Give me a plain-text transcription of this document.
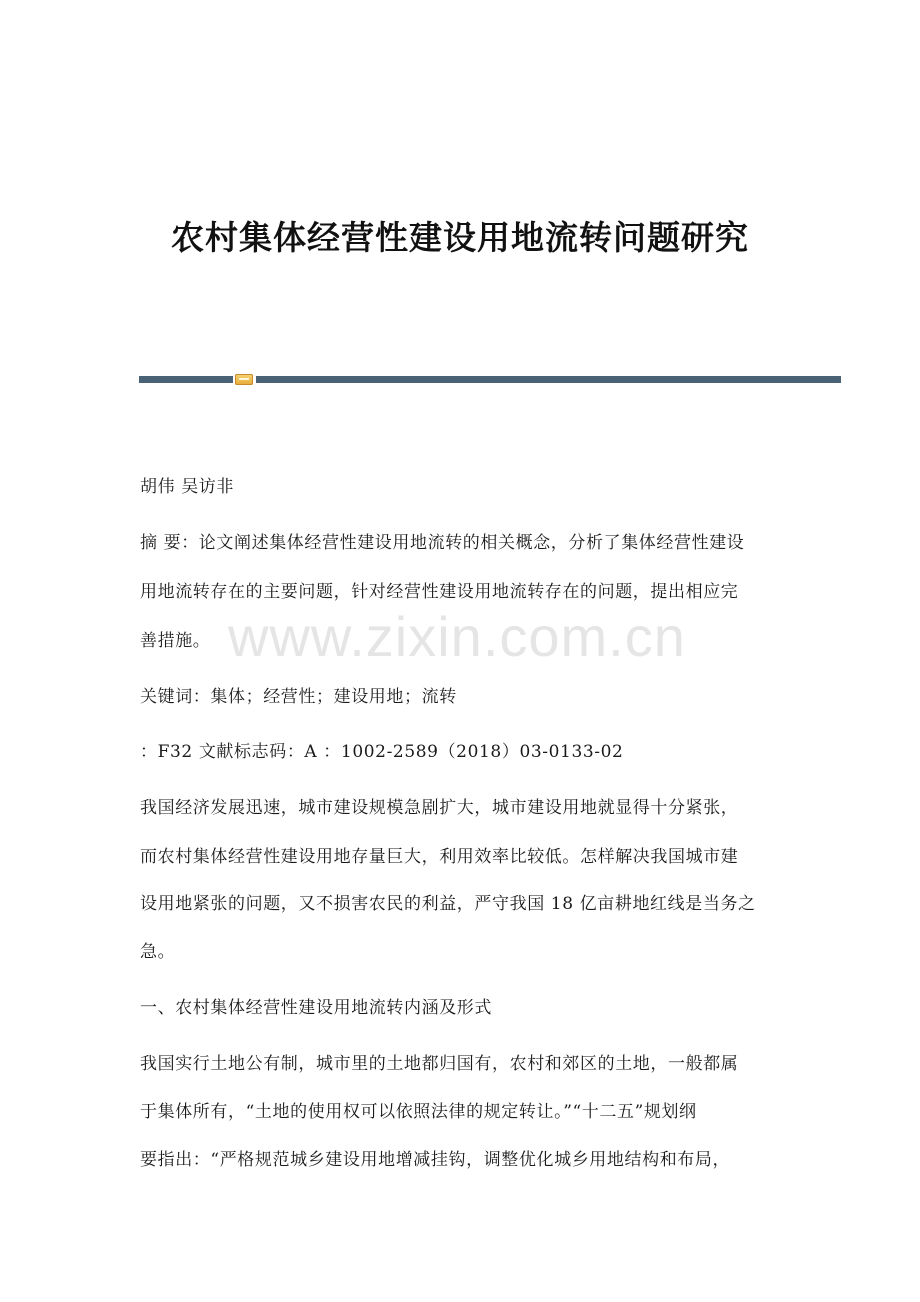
农村集体经营性建设用地流转问题研究
胡伟 吴访非
摘 要：论文阐述集体经营性建设用地流转的相关概念，分析了集体经营性建设
用地流转存在的主要问题，针对经营性建设用地流转存在的问题，提出相应完
善措施。 www.zixin.com.cn
关键词：集体；经营性；建设用地；流转
：F32 文献标志码：A ：1002-2589（2018）03-0133-02
我国经济发展迅速，城市建设规模急剧扩大，城市建设用地就显得十分紧张，
而农村集体经营性建设用地存量巨大，利用效率比较低。怎样解决我国城市建
设用地紧张的问题，又不损害农民的利益，严守我国 18 亿亩耕地红线是当务之
急。
一、农村集体经营性建设用地流转内涵及形式
我国实行土地公有制，城市里的土地都归国有，农村和郊区的土地，一般都属
于集体所有，“土地的使用权可以依照法律的规定转让。”“十二五”规划纲
要指出：“严格规范城乡建设用地增减挂钩，调整优化城乡用地结构和布局，
